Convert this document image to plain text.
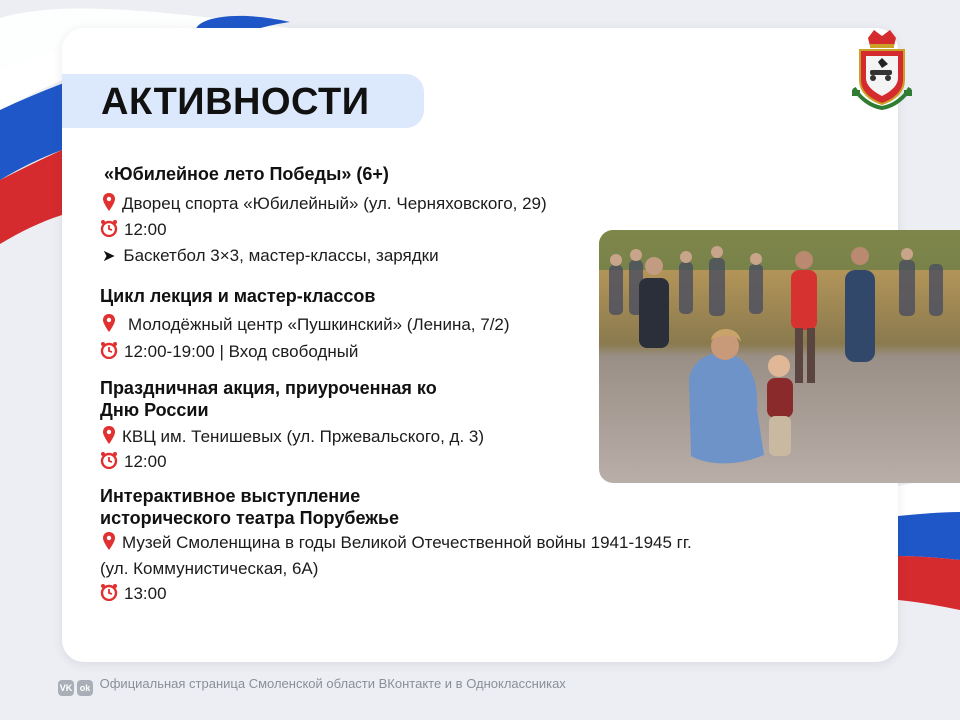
АКТИВНОСТИ
«Юбилейное лето Победы» (6+)
Дворец спорта «Юбилейный» (ул. Черняховского, 29)
12:00
➤ Баскетбол 3×3, мастер-классы, зарядки
Цикл лекция и мастер-классов
Молодёжный центр «Пушкинский» (Ленина, 7/2)
12:00-19:00 | Вход свободный
Праздничная акция, приуроченная ко
Дню России
КВЦ им. Тенишевых (ул. Пржевальского, д. 3)
12:00
Интерактивное выступление
исторического театра Порубежье
Музей Смоленщина в годы Великой Отечественной войны 1941-1945 гг.
(ул. Коммунистическая, 6А)
13:00
VK ok Официальная страница Смоленской области ВКонтакте и в Одноклассниках
